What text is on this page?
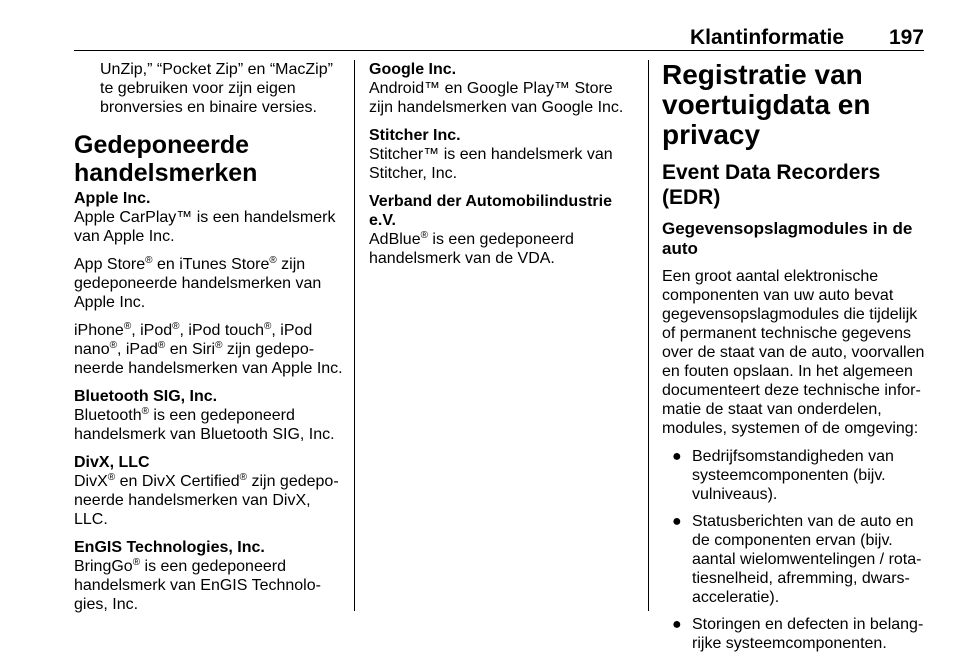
Klantinformatie 197

UnZip,” “Pocket Zip” en “MacZip” te gebruiken voor zijn eigen bronversies en binaire versies.

Gedeponeerde handelsmerken

Apple Inc.
Apple CarPlay™ is een handelsmerk van Apple Inc.

App Store® en iTunes Store® zijn gedeponeerde handelsmerken van Apple Inc.

iPhone®, iPod®, iPod touch®, iPod nano®, iPad® en Siri® zijn gedeponeerde handelsmerken van Apple Inc.

Bluetooth SIG, Inc.
Bluetooth® is een gedeponeerd handelsmerk van Bluetooth SIG, Inc.

DivX, LLC
DivX® en DivX Certified® zijn gedeponeerde handelsmerken van DivX, LLC.

EnGIS Technologies, Inc.
BringGo® is een gedeponeerd handelsmerk van EnGIS Technologies, Inc.

Google Inc.
Android™ en Google Play™ Store zijn handelsmerken van Google Inc.

Stitcher Inc.
Stitcher™ is een handelsmerk van Stitcher, Inc.

Verband der Automobilindustrie e.V.
AdBlue® is een gedeponeerd handelsmerk van de VDA.

Registratie van voertuigdata en privacy
Event Data Recorders (EDR)
Gegevensopslagmodules in de auto

Een groot aantal elektronische componenten van uw auto bevat gegevensopslagmodules die tijdelijk of permanent technische gegevens over de staat van de auto, voorvallen en fouten opslaan. In het algemeen documenteert deze technische informatie de staat van onderdelen, modules, systemen of de omgeving:

● Bedrijfsomstandigheden van systeemcomponenten (bijv. vulniveaus).
● Statusberichten van de auto en de componenten ervan (bijv. aantal wielomwentelingen / rotatiesnelheid, afremming, dwarsacceleratie).
● Storingen en defecten in belangrijke systeemcomponenten.
